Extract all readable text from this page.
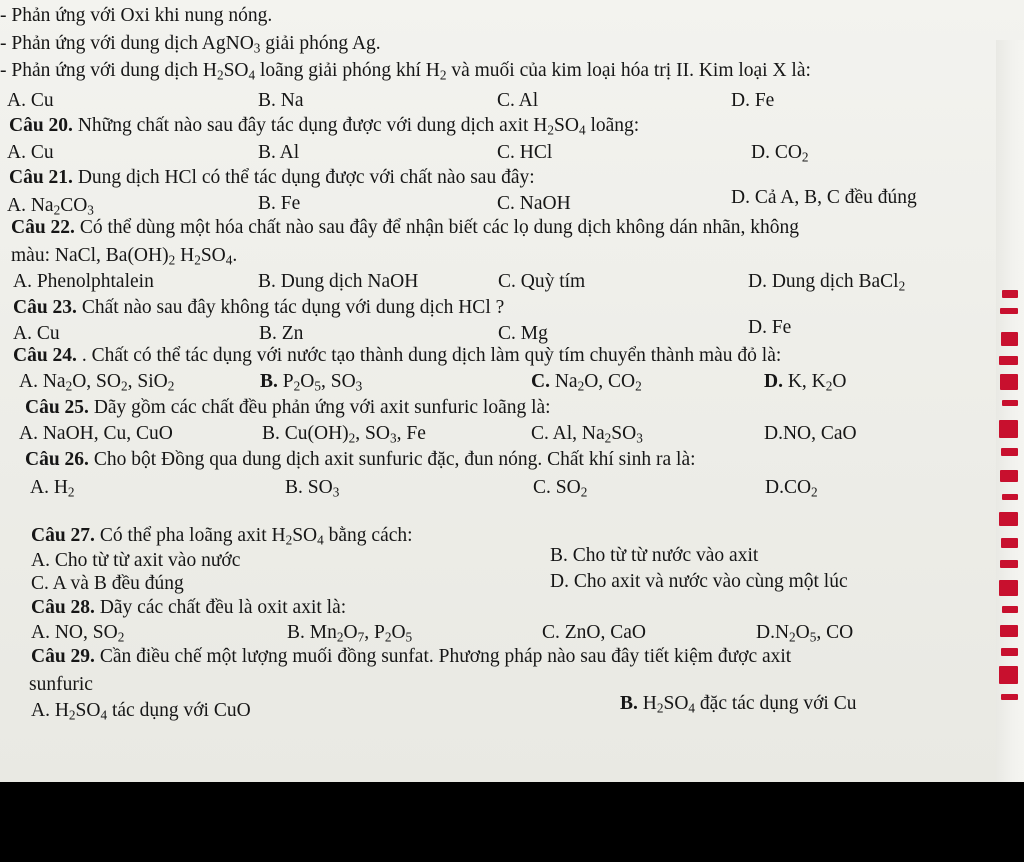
- Phản ứng với Oxi khi nung nóng.
- Phản ứng với dung dịch AgNO$_3$ giải phóng Ag.
- Phản ứng với dung dịch $H_2SO_4$ loãng giải phóng khí $H_2$ và muối của kim loại hóa trị II. Kim loại X là:
A. Cu	B. Na	C. Al	D. Fe
Câu 20. Những chất nào sau đây tác dụng được với dung dịch axit $H_2SO_4$ loãng:
A. Cu	B. Al	C. HCl	D. $CO_2$
Câu 21. Dung dịch HCl có thể tác dụng được với chất nào sau đây:
A. $Na_2CO_3$	B. Fe	C. NaOH	D. Cả A, B, C đều đúng
Câu 22. Có thể dùng một hóa chất nào sau đây để nhận biết các lọ dung dịch không dán nhãn, không
màu: NaCl, $Ba(OH)_2$ $H_2SO_4$.
A. Phenolphtalein	B. Dung dịch NaOH	C. Quỳ tím	D. Dung dịch BaCl$_2$
Câu 23. Chất nào sau đây không tác dụng với dung dịch HCl ?
A. Cu	B. Zn	C. Mg	D. Fe
Câu 24. . Chất có thể tác dụng với nước tạo thành dung dịch làm quỳ tím chuyển thành màu đỏ là:
A. $Na_2O$, $SO_2$, SiO$_2$	B. $P_2O_5$, $SO_3$	C. $Na_2O$, $CO_2$	D. K, $K_2O$
Câu 25. Dãy gồm các chất đều phản ứng với axit sunfuric loãng là:
A. NaOH, Cu, CuO	B. $Cu(OH)_2$, $SO_3$, Fe	C. Al, $Na_2SO_3$	D.NO, CaO
Câu 26. Cho bột Đồng qua dung dịch axit sunfuric đặc, đun nóng. Chất khí sinh ra là:
A. $H_2$	B. $SO_3$	C. $SO_2$	$D.CO_2$
Câu 27. Có thể pha loãng axit $H_2SO_4$ bằng cách:
A. Cho từ từ axit vào nước	B. Cho từ từ nước vào axit
C. A và B đều đúng	D. Cho axit và nước vào cùng một lúc
Câu 28. Dãy các chất đều là oxit axit là:
A. NO, $SO_2$	B. $Mn_2O_7$, $P_2O_5$	C. ZnO, CaO	$D.N_2O_5$, CO
Câu 29. Cần điều chế một lượng muối đồng sunfat. Phương pháp nào sau đây tiết kiệm được axit
sunfuric
A. $H_2SO_4$ tác dụng với CuO	B. $H_2SO_4$ đặc tác dụng với Cu
